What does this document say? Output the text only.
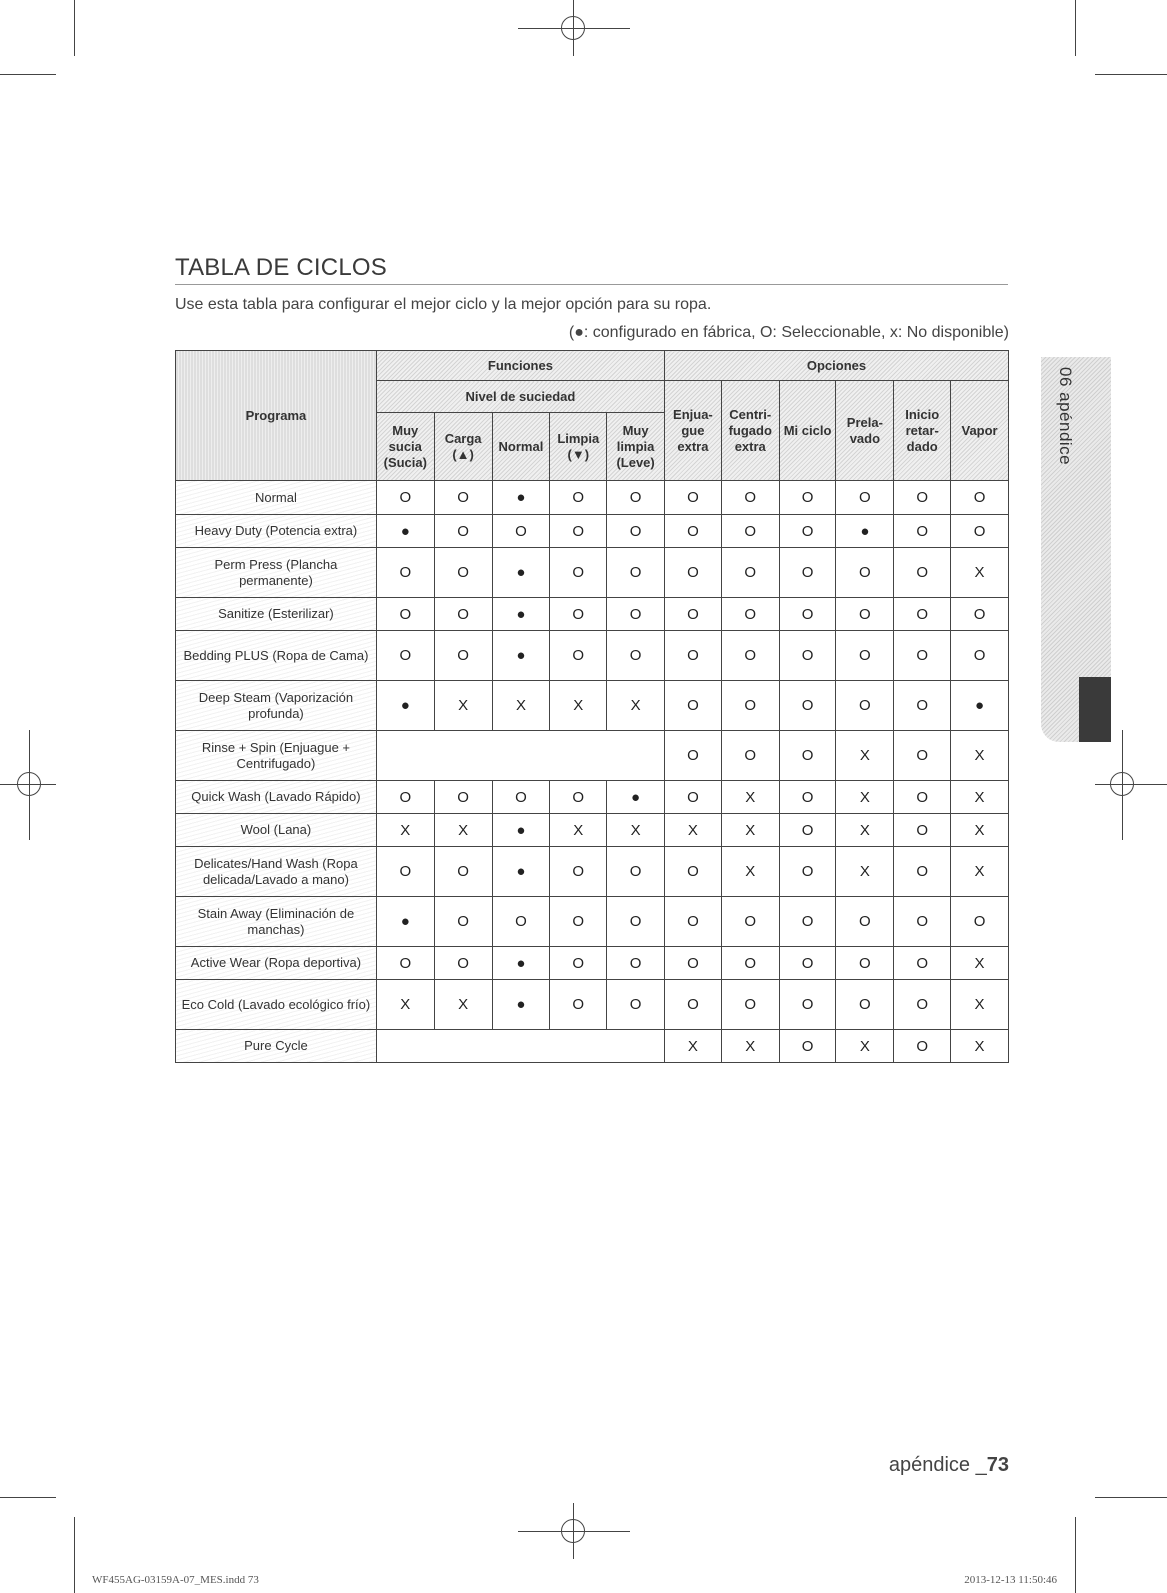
06 apéndice
TABLA DE CICLOS
Use esta tabla para configurar el mejor ciclo y la mejor opción para su ropa.
(●: configurado en fábrica, O: Seleccionable, x: No disponible)
Programa	Funciones					Opciones					
	Nivel de suciedad					Enjua- gue extra	Centri- fugado extra	Mi ciclo	Prela- vado	Inicio retar- dado	Vapor
	Muy sucia (Sucia)	Carga (▲)	Normal	Limpia (▼)	Muy limpia (Leve)						
Normal	O	O	●	O	O	O	O	O	O	O	O
Heavy Duty (Potencia extra)	●	O	O	O	O	O	O	O	●	O	O
Perm Press (Plancha permanente)	O	O	●	O	O	O	O	O	O	O	X
Sanitize (Esterilizar)	O	O	●	O	O	O	O	O	O	O	O
Bedding PLUS (Ropa de Cama)	O	O	●	O	O	O	O	O	O	O	O
Deep Steam (Vaporización profunda)	●	X	X	X	X	O	O	O	O	O	●
Rinse + Spin (Enjuague + Centrifugado)						O	O	O	X	O	X
Quick Wash (Lavado Rápido)	O	O	O	O	●	O	X	O	X	O	X
Wool (Lana)	X	X	●	X	X	X	X	O	X	O	X
Delicates/Hand Wash (Ropa delicada/Lavado a mano)	O	O	●	O	O	O	X	O	X	O	X
Stain Away (Eliminación de manchas)	●	O	O	O	O	O	O	O	O	O	O
Active Wear (Ropa deportiva)	O	O	●	O	O	O	O	O	O	O	X
Eco Cold (Lavado ecológico frío)	X	X	●	O	O	O	O	O	O	O	X
Pure Cycle						X	X	O	X	O	X
apéndice _73
WF455AG-03159A-07_MES.indd 73	2013-12-13 11:50:46
